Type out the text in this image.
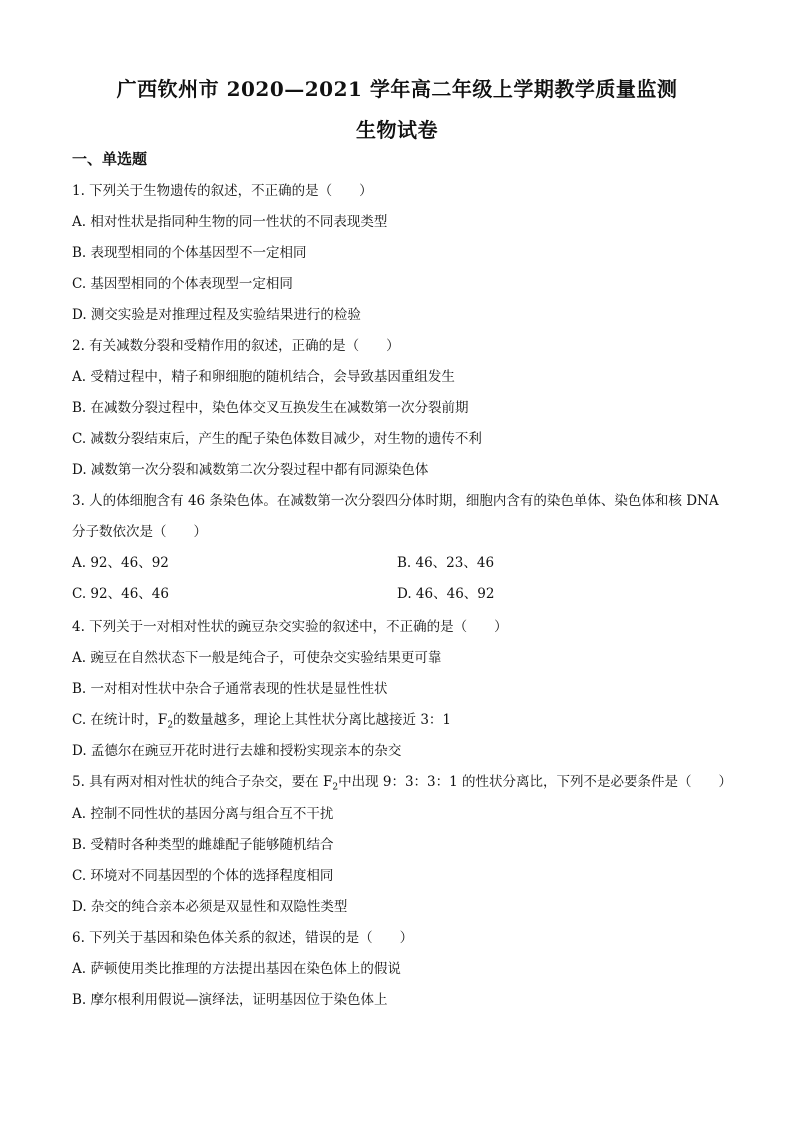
广西钦州市 2020—2021 学年高二年级上学期教学质量监测
生物试卷
一、单选题
1. 下列关于生物遗传的叙述，不正确的是（　　）
A. 相对性状是指同种生物的同一性状的不同表现类型
B. 表现型相同的个体基因型不一定相同
C. 基因型相同的个体表现型一定相同
D. 测交实验是对推理过程及实验结果进行的检验
2. 有关减数分裂和受精作用的叙述，正确的是（　　）
A. 受精过程中，精子和卵细胞的随机结合，会导致基因重组发生
B. 在减数分裂过程中，染色体交叉互换发生在减数第一次分裂前期
C. 减数分裂结束后，产生的配子染色体数目减少，对生物的遗传不利
D. 减数第一次分裂和减数第二次分裂过程中都有同源染色体
3. 人的体细胞含有 46 条染色体。在减数第一次分裂四分体时期，细胞内含有的染色单体、染色体和核 DNA
分子数依次是（　　）
A. 92、46、92	B. 46、23、46
C. 92、46、46	D. 46、46、92
4. 下列关于一对相对性状的豌豆杂交实验的叙述中，不正确的是（　　）
A. 豌豆在自然状态下一般是纯合子，可使杂交实验结果更可靠
B. 一对相对性状中杂合子通常表现的性状是显性性状
C. 在统计时，$F_2$的数量越多，理论上其性状分离比越接近 3：1
D. 孟德尔在豌豆开花时进行去雄和授粉实现亲本的杂交
5. 具有两对相对性状的纯合子杂交，要在 $F_2$中出现 9：3：3：1 的性状分离比，下列不是必要条件是（　　）
A. 控制不同性状的基因分离与组合互不干扰
B. 受精时各种类型的雌雄配子能够随机结合
C. 环境对不同基因型的个体的选择程度相同
D. 杂交的纯合亲本必须是双显性和双隐性类型
6. 下列关于基因和染色体关系的叙述，错误的是（　　）
A. 萨顿使用类比推理的方法提出基因在染色体上的假说
B. 摩尔根利用假说—演绎法，证明基因位于染色体上
